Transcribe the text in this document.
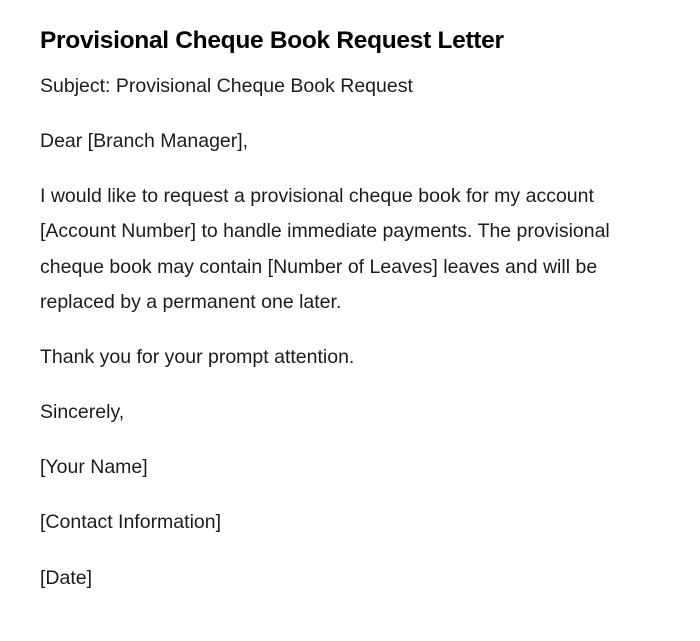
Provisional Cheque Book Request Letter

Subject: Provisional Cheque Book Request

Dear [Branch Manager],

I would like to request a provisional cheque book for my account [Account Number] to handle immediate payments. The provisional cheque book may contain [Number of Leaves] leaves and will be replaced by a permanent one later.

Thank you for your prompt attention.

Sincerely,

[Your Name]

[Contact Information]

[Date]
